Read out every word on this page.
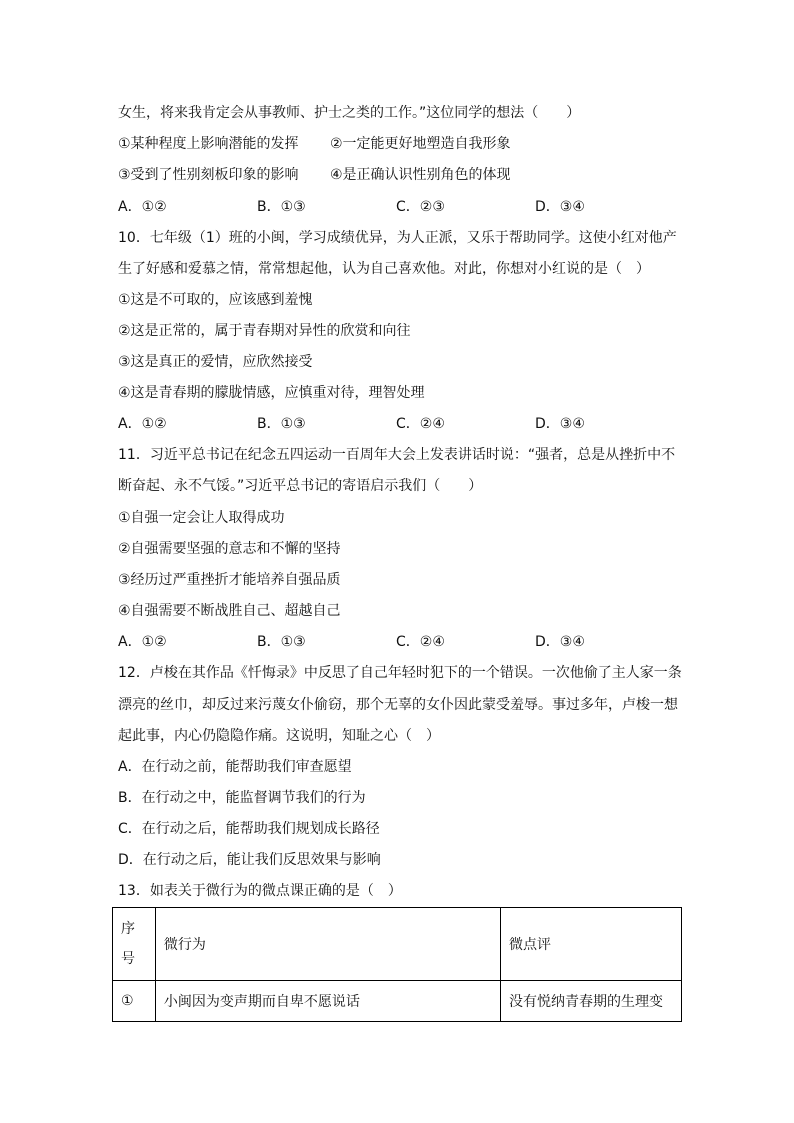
女生，将来我肯定会从事教师、护士之类的工作。”这位同学的想法（　　）
①某种程度上影响潜能的发挥 ②一定能更好地塑造自我形象
③受到了性别刻板印象的影响 ④是正确认识性别角色的体现
A．①②	B．①③	C．②③	D．③④
10．七年级（1）班的小闽，学习成绩优异，为人正派，又乐于帮助同学。这使小红对他产
生了好感和爱慕之情，常常想起他，认为自己喜欢他。对此，你想对小红说的是（　）
①这是不可取的，应该感到羞愧
②这是正常的，属于青春期对异性的欣赏和向往
③这是真正的爱情，应欣然接受
④这是青春期的朦胧情感，应慎重对待，理智处理
A．①②	B．①③	C．②④	D．③④
11．习近平总书记在纪念五四运动一百周年大会上发表讲话时说：“强者，总是从挫折中不
断奋起、永不气馁。”习近平总书记的寄语启示我们（　　）
①自强一定会让人取得成功
②自强需要坚强的意志和不懈的坚持
③经历过严重挫折才能培养自强品质
④自强需要不断战胜自己、超越自己
A．①②	B．①③	C．②④	D．③④
12．卢梭在其作品《忏悔录》中反思了自己年轻时犯下的一个错误。一次他偷了主人家一条
漂亮的丝巾，却反过来污蔑女仆偷窃，那个无辜的女仆因此蒙受羞辱。事过多年，卢梭一想
起此事，内心仍隐隐作痛。这说明，知耻之心（　）
A．在行动之前，能帮助我们审查愿望
B．在行动之中，能监督调节我们的行为
C．在行动之后，能帮助我们规划成长路径
D．在行动之后，能让我们反思效果与影响
13．如表关于微行为的微点课正确的是（　）
序
号	微行为	微点评
①	小闽因为变声期而自卑不愿说话	没有悦纳青春期的生理变
